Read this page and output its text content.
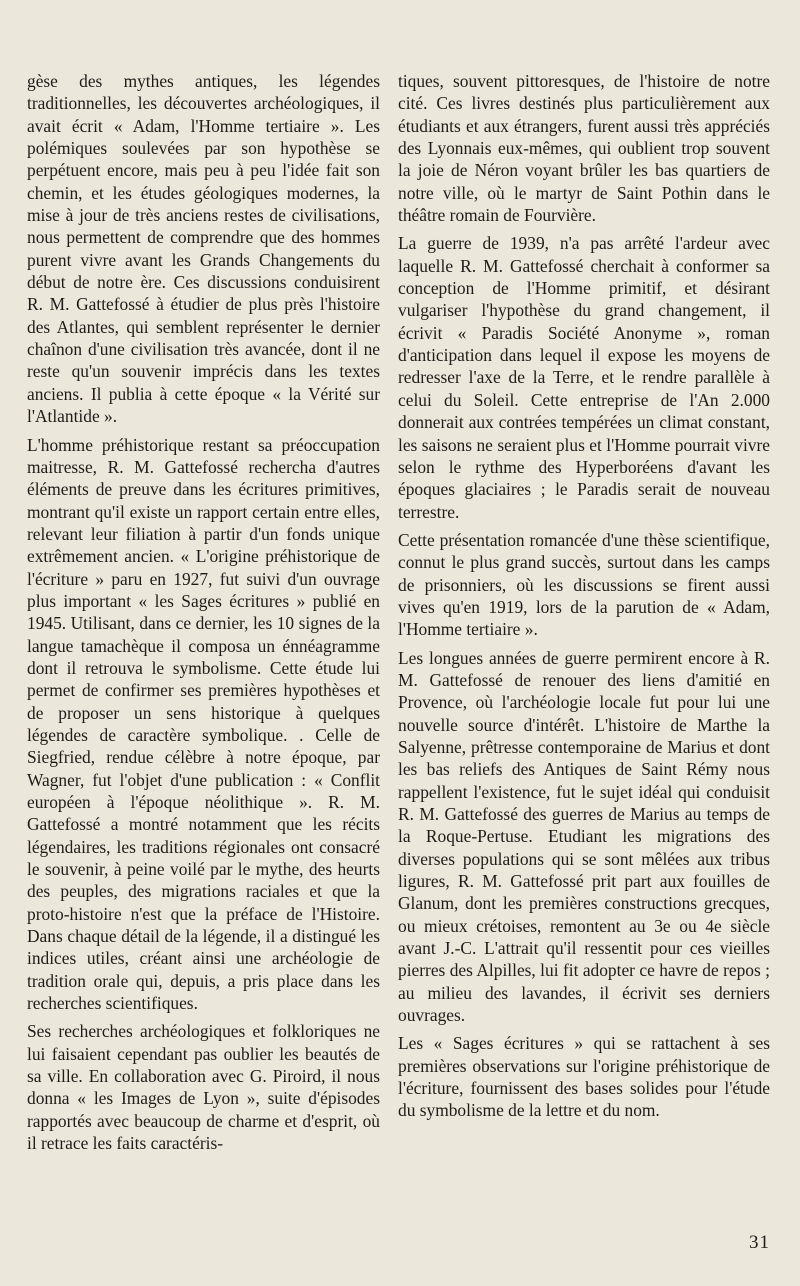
gèse des mythes antiques, les légendes traditionnelles, les découvertes archéologiques, il avait écrit « Adam, l'Homme tertiaire ». Les polémiques soulevées par son hypothèse se perpétuent encore, mais peu à peu l'idée fait son chemin, et les études géologiques modernes, la mise à jour de très anciens restes de civilisations, nous permettent de comprendre que des hommes purent vivre avant les Grands Changements du début de notre ère. Ces discussions conduisirent R. M. Gattefossé à étudier de plus près l'histoire des Atlantes, qui semblent représenter le dernier chaînon d'une civilisation très avancée, dont il ne reste qu'un souvenir imprécis dans les textes anciens. Il publia à cette époque « la Vérité sur l'Atlantide ».

L'homme préhistorique restant sa préoccupation maitresse, R. M. Gattefossé rechercha d'autres éléments de preuve dans les écritures primitives, montrant qu'il existe un rapport certain entre elles, relevant leur filiation à partir d'un fonds unique extrêmement ancien. « L'origine préhistorique de l'écriture » paru en 1927, fut suivi d'un ouvrage plus important « les Sages écritures » publié en 1945. Utilisant, dans ce dernier, les 10 signes de la langue tamachèque il composa un énnéagramme dont il retrouva le symbolisme. Cette étude lui permet de confirmer ses premières hypothèses et de proposer un sens historique à quelques légendes de caractère symbolique. . Celle de Siegfried, rendue célèbre à notre époque, par Wagner, fut l'objet d'une publication : « Conflit européen à l'époque néolithique ». R. M. Gattefossé a montré notamment que les récits légendaires, les traditions régionales ont consacré le souvenir, à peine voilé par le mythe, des heurts des peuples, des migrations raciales et que la proto-histoire n'est que la préface de l'Histoire. Dans chaque détail de la légende, il a distingué les indices utiles, créant ainsi une archéologie de tradition orale qui, depuis, a pris place dans les recherches scientifiques.

Ses recherches archéologiques et folkloriques ne lui faisaient cependant pas oublier les beautés de sa ville. En collaboration avec G. Piroird, il nous donna « les Images de Lyon », suite d'épisodes rapportés avec beaucoup de charme et d'esprit, où il retrace les faits caractéris-

tiques, souvent pittoresques, de l'histoire de notre cité. Ces livres destinés plus particulièrement aux étudiants et aux étrangers, furent aussi très appréciés des Lyonnais eux-mêmes, qui oublient trop souvent la joie de Néron voyant brûler les bas quartiers de notre ville, où le martyr de Saint Pothin dans le théâtre romain de Fourvière.

La guerre de 1939, n'a pas arrêté l'ardeur avec laquelle R. M. Gattefossé cherchait à conformer sa conception de l'Homme primitif, et désirant vulgariser l'hypothèse du grand changement, il écrivit « Paradis Société Anonyme », roman d'anticipation dans lequel il expose les moyens de redresser l'axe de la Terre, et le rendre parallèle à celui du Soleil. Cette entreprise de l'An 2.000 donnerait aux contrées tempérées un climat constant, les saisons ne seraient plus et l'Homme pourrait vivre selon le rythme des Hyperboréens d'avant les époques glaciaires ; le Paradis serait de nouveau terrestre.

Cette présentation romancée d'une thèse scientifique, connut le plus grand succès, surtout dans les camps de prisonniers, où les discussions se firent aussi vives qu'en 1919, lors de la parution de « Adam, l'Homme tertiaire ».

Les longues années de guerre permirent encore à R. M. Gattefossé de renouer des liens d'amitié en Provence, où l'archéologie locale fut pour lui une nouvelle source d'intérêt. L'histoire de Marthe la Salyenne, prêtresse contemporaine de Marius et dont les bas reliefs des Antiques de Saint Rémy nous rappellent l'existence, fut le sujet idéal qui conduisit R. M. Gattefossé des guerres de Marius au temps de la Roque-Pertuse. Etudiant les migrations des diverses populations qui se sont mêlées aux tribus ligures, R. M. Gattefossé prit part aux fouilles de Glanum, dont les premières constructions grecques, ou mieux crétoises, remontent au 3e ou 4e siècle avant J.-C. L'attrait qu'il ressentit pour ces vieilles pierres des Alpilles, lui fit adopter ce havre de repos ; au milieu des lavandes, il écrivit ses derniers ouvrages.

Les « Sages écritures » qui se rattachent à ses premières observations sur l'origine préhistorique de l'écriture, fournissent des bases solides pour l'étude du symbolisme de la lettre et du nom.

31
